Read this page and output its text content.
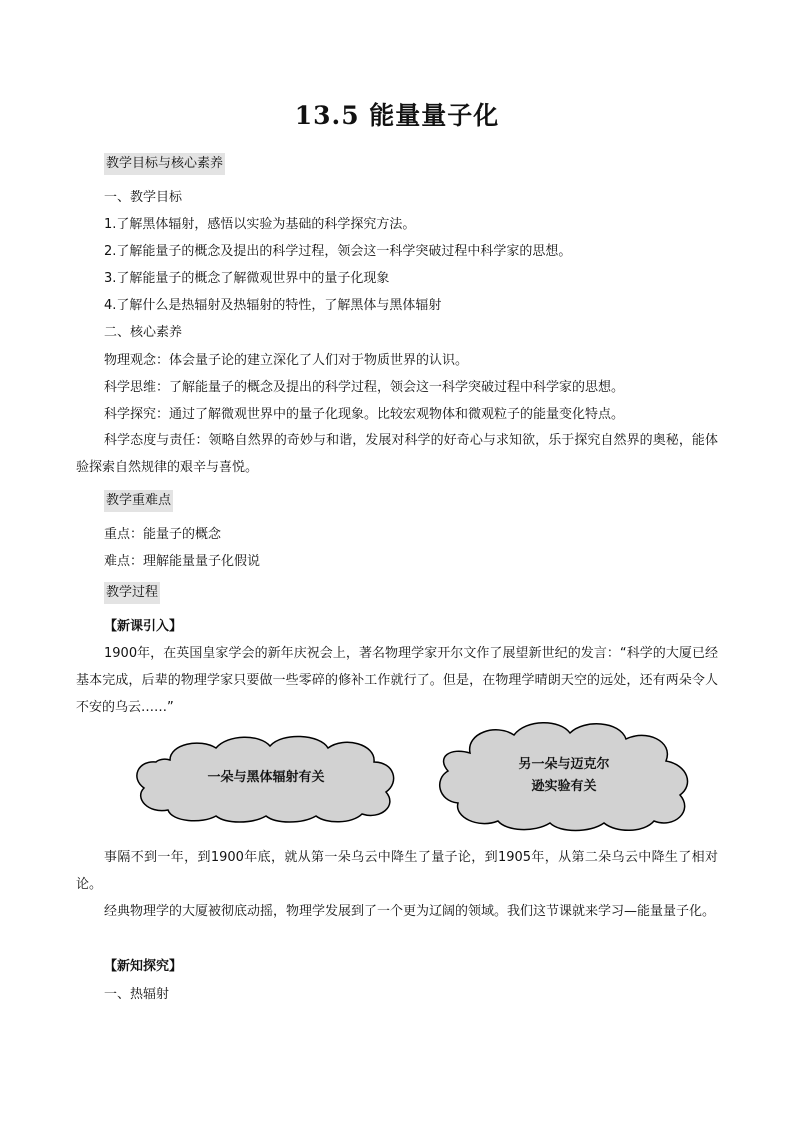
13.5 能量量子化
教学目标与核心素养
一、教学目标
1.了解黑体辐射，感悟以实验为基础的科学探究方法。
2.了解能量子的概念及提出的科学过程，领会这一科学突破过程中科学家的思想。
3.了解能量子的概念了解微观世界中的量子化现象
4.了解什么是热辐射及热辐射的特性，了解黑体与黑体辐射
二、核心素养
物理观念：体会量子论的建立深化了人们对于物质世界的认识。
科学思维：了解能量子的概念及提出的科学过程，领会这一科学突破过程中科学家的思想。
科学探究：通过了解微观世界中的量子化现象。比较宏观物体和微观粒子的能量变化特点。
科学态度与责任：领略自然界的奇妙与和谐，发展对科学的好奇心与求知欲，乐于探究自然界的奥秘，能体验探索自然规律的艰辛与喜悦。
教学重难点
重点：能量子的概念
难点：理解能量量子化假说
教学过程
【新课引入】
1900年，在英国皇家学会的新年庆祝会上，著名物理学家开尔文作了展望新世纪的发言：“科学的大厦已经基本完成，后辈的物理学家只要做一些零碎的修补工作就行了。但是，在物理学晴朗天空的远处，还有两朵令人不安的乌云……”
一朵与黑体辐射有关
另一朵与迈克尔
逊实验有关
事隔不到一年，到1900年底，就从第一朵乌云中降生了量子论，到1905年，从第二朵乌云中降生了相对论。
经典物理学的大厦被彻底动摇，物理学发展到了一个更为辽阔的领域。我们这节课就来学习—能量量子化。
【新知探究】
一、热辐射
